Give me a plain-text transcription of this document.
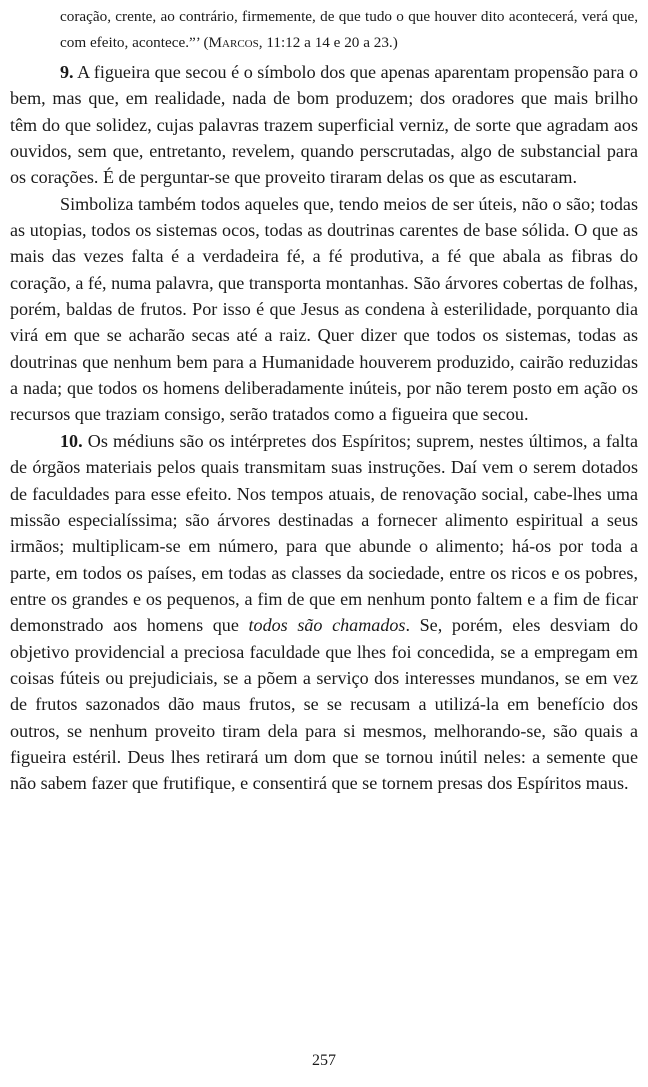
coração, crente, ao contrário, firmemente, de que tudo o que houver dito acontecerá, verá que, com efeito, acontece.”’ (Marcos, 11:12 a 14 e 20 a 23.)

9. A figueira que secou é o símbolo dos que apenas aparentam propensão para o bem, mas que, em realidade, nada de bom produzem; dos oradores que mais brilho têm do que solidez, cujas palavras trazem superficial verniz, de sorte que agradam aos ouvidos, sem que, entretanto, revelem, quando perscrutadas, algo de substancial para os corações. É de perguntar-se que proveito tiraram delas os que as escutaram.

Simboliza também todos aqueles que, tendo meios de ser úteis, não o são; todas as utopias, todos os sistemas ocos, todas as doutrinas carentes de base sólida. O que as mais das vezes falta é a verdadeira fé, a fé produtiva, a fé que abala as fibras do coração, a fé, numa palavra, que transporta montanhas. São árvores cobertas de folhas, porém, baldas de frutos. Por isso é que Jesus as condena à esterilidade, porquanto dia virá em que se acharão secas até a raiz. Quer dizer que todos os sistemas, todas as doutrinas que nenhum bem para a Humanidade houverem produzido, cairão reduzidas a nada; que todos os homens deliberadamente inúteis, por não terem posto em ação os recursos que traziam consigo, serão tratados como a figueira que secou.

10. Os médiuns são os intérpretes dos Espíritos; suprem, nestes últimos, a falta de órgãos materiais pelos quais transmitam suas instruções. Daí vem o serem dotados de faculdades para esse efeito. Nos tempos atuais, de renovação social, cabe-lhes uma missão especialíssima; são árvores destinadas a fornecer alimento espiritual a seus irmãos; multiplicam-se em número, para que abunde o alimento; há-os por toda a parte, em todos os países, em todas as classes da sociedade, entre os ricos e os pobres, entre os grandes e os pequenos, a fim de que em nenhum ponto faltem e a fim de ficar demonstrado aos homens que todos são chamados. Se, porém, eles desviam do objetivo providencial a preciosa faculdade que lhes foi concedida, se a empregam em coisas fúteis ou prejudiciais, se a põem a serviço dos interesses mundanos, se em vez de frutos sazonados dão maus frutos, se se recusam a utilizá-la em benefício dos outros, se nenhum proveito tiram dela para si mesmos, melhorando-se, são quais a figueira estéril. Deus lhes retirará um dom que se tornou inútil neles: a semente que não sabem fazer que frutifique, e consentirá que se tornem presas dos Espíritos maus.

257
